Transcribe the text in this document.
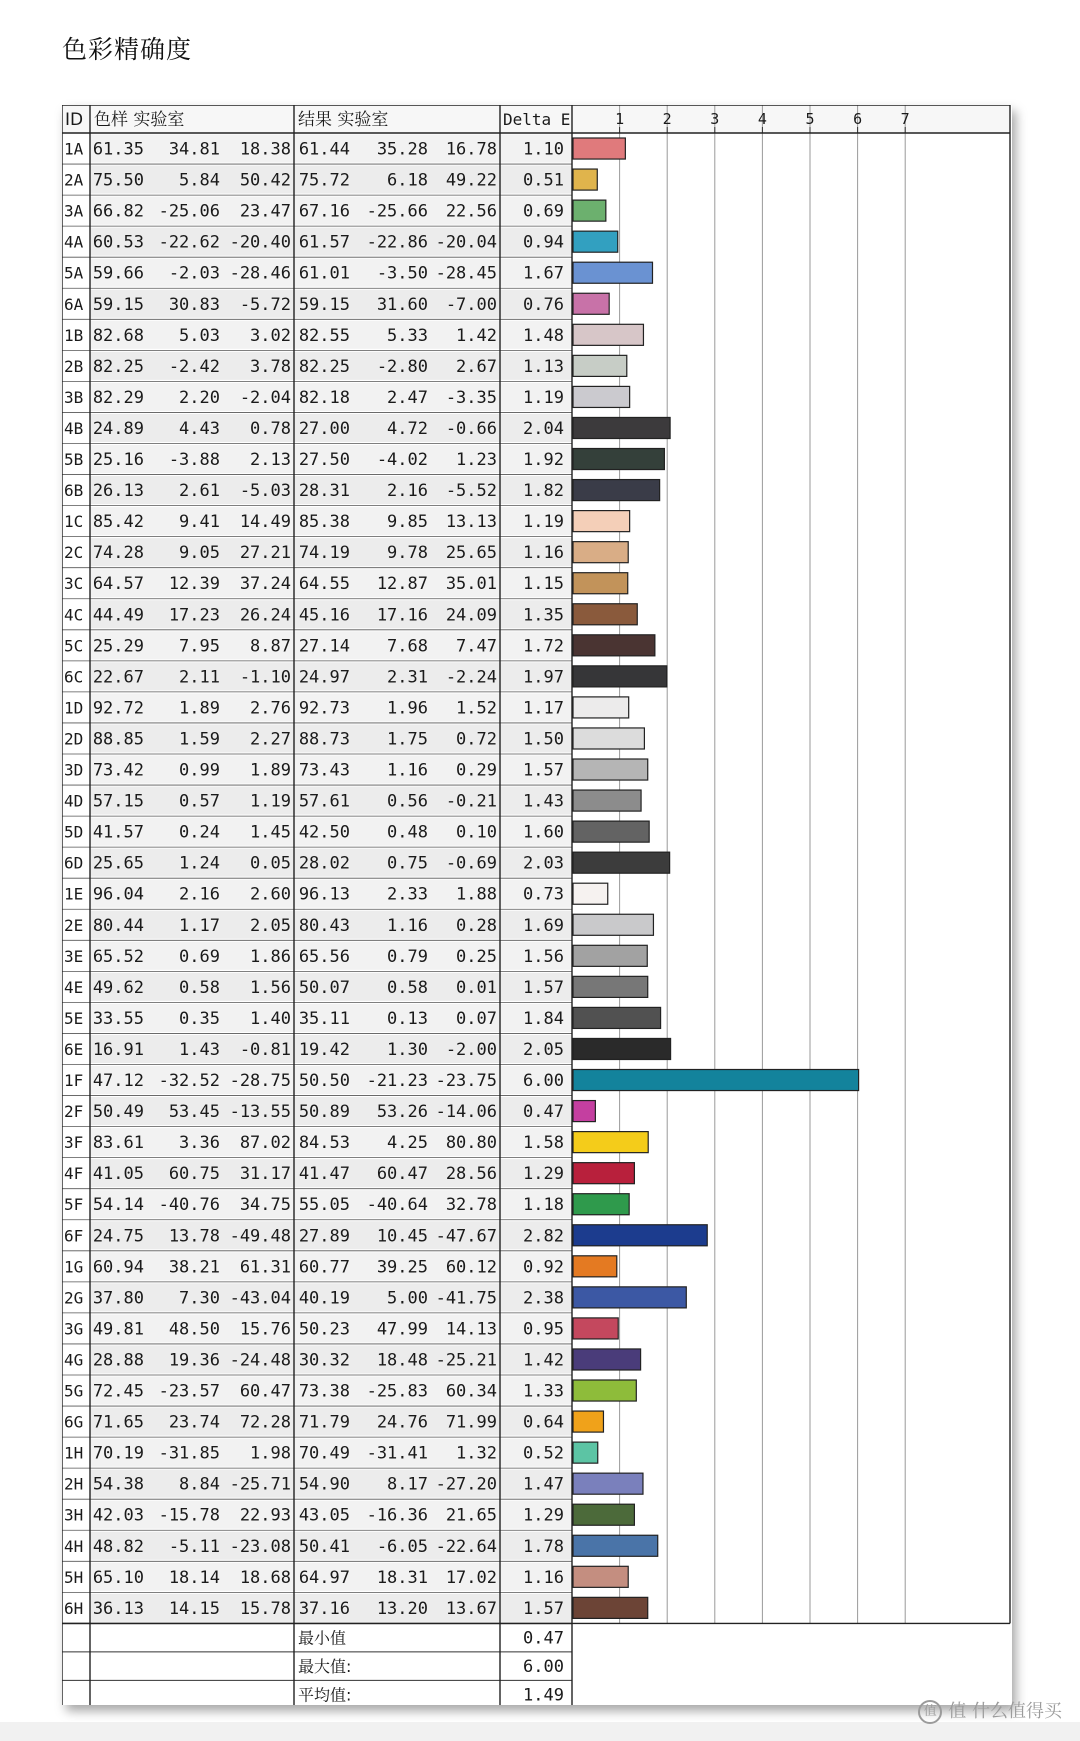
色彩精确度
1	2	3	4	5	6	7
ID 色样 实验室	结果 实验室	Delta E
1A 61.35 34.81 18.38 61.44 35.28 16.78 1.10
2A 75.50 5.84 50.42 75.72 6.18 49.22 0.51
3A 66.82 -25.06 23.47 67.16 -25.66 22.56 0.69
4A 60.53 -22.62 -20.40 61.57 -22.86 -20.04 0.94
5A 59.66 -2.03 -28.46 61.01 -3.50 -28.45 1.67
6A 59.15 30.83 -5.72 59.15 31.60 -7.00 0.76
1B 82.68 5.03 3.02 82.55 5.33 1.42 1.48
2B 82.25 -2.42 3.78 82.25 -2.80 2.67 1.13
3B 82.29 2.20 -2.04 82.18 2.47 -3.35 1.19
4B 24.89 4.43 0.78 27.00 4.72 -0.66 2.04
5B 25.16 -3.88 2.13 27.50 -4.02 1.23 1.92
6B 26.13 2.61 -5.03 28.31 2.16 -5.52 1.82
1C 85.42 9.41 14.49 85.38 9.85 13.13 1.19
2C 74.28 9.05 27.21 74.19 9.78 25.65 1.16
3C 64.57 12.39 37.24 64.55 12.87 35.01 1.15
4C 44.49 17.23 26.24 45.16 17.16 24.09 1.35
5C 25.29 7.95 8.87 27.14 7.68 7.47 1.72
6C 22.67 2.11 -1.10 24.97 2.31 -2.24 1.97
1D 92.72 1.89 2.76 92.73 1.96 1.52 1.17
2D 88.85 1.59 2.27 88.73 1.75 0.72 1.50
3D 73.42 0.99 1.89 73.43 1.16 0.29 1.57
4D 57.15 0.57 1.19 57.61 0.56 -0.21 1.43
5D 41.57 0.24 1.45 42.50 0.48 0.10 1.60
6D 25.65 1.24 0.05 28.02 0.75 -0.69 2.03
1E 96.04 2.16 2.60 96.13 2.33 1.88 0.73
2E 80.44 1.17 2.05 80.43 1.16 0.28 1.69
3E 65.52 0.69 1.86 65.56 0.79 0.25 1.56
4E 49.62 0.58 1.56 50.07 0.58 0.01 1.57
5E 33.55 0.35 1.40 35.11 0.13 0.07 1.84
6E 16.91 1.43 -0.81 19.42 1.30 -2.00 2.05
1F 47.12 -32.52 -28.75 50.50 -21.23 -23.75 6.00
2F 50.49 53.45 -13.55 50.89 53.26 -14.06 0.47
3F 83.61 3.36 87.02 84.53 4.25 80.80 1.58
4F 41.05 60.75 31.17 41.47 60.47 28.56 1.29
5F 54.14 -40.76 34.75 55.05 -40.64 32.78 1.18
6F 24.75 13.78 -49.48 27.89 10.45 -47.67 2.82
1G 60.94 38.21 61.31 60.77 39.25 60.12 0.92
2G 37.80 7.30 -43.04 40.19 5.00 -41.75 2.38
3G 49.81 48.50 15.76 50.23 47.99 14.13 0.95
4G 28.88 19.36 -24.48 30.32 18.48 -25.21 1.42
5G 72.45 -23.57 60.47 73.38 -25.83 60.34 1.33
6G 71.65 23.74 72.28 71.79 24.76 71.99 0.64
1H 70.19 -31.85 1.98 70.49 -31.41 1.32 0.52
2H 54.38 8.84 -25.71 54.90 8.17 -27.20 1.47
3H 42.03 -15.78 22.93 43.05 -16.36 21.65 1.29
4H 48.82 -5.11 -23.08 50.41 -6.05 -22.64 1.78
5H 65.10 18.14 18.68 64.97 18.31 17.02 1.16
6H 36.13 14.15 15.78 37.16 13.20 13.67 1.57
最小值	0.47
最大值:	6.00
平均值:	1.49
值 值 什么值得买
